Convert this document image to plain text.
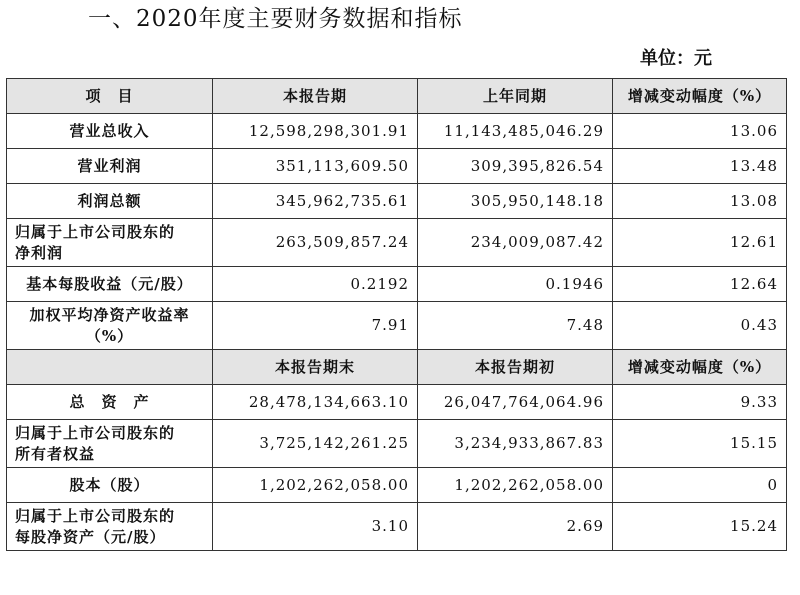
一、2020年度主要财务数据和指标
单位：元
项　目	本报告期	上年同期	增减变动幅度（%）
营业总收入	12,598,298,301.91	11,143,485,046.29	13.06
营业利润	351,113,609.50	309,395,826.54	13.48
利润总额	345,962,735.61	305,950,148.18	13.08
归属于上市公司股东的
净利润	263,509,857.24	234,009,087.42	12.61
基本每股收益（元/股）	0.2192	0.1946	12.64
加权平均净资产收益率
（%）	7.91	7.48	0.43
	本报告期末	本报告期初	增减变动幅度（%）
总　资　产	28,478,134,663.10	26,047,764,064.96	9.33
归属于上市公司股东的
所有者权益	3,725,142,261.25	3,234,933,867.83	15.15
股本（股）	1,202,262,058.00	1,202,262,058.00	0
归属于上市公司股东的
每股净资产（元/股）	3.10	2.69	15.24
